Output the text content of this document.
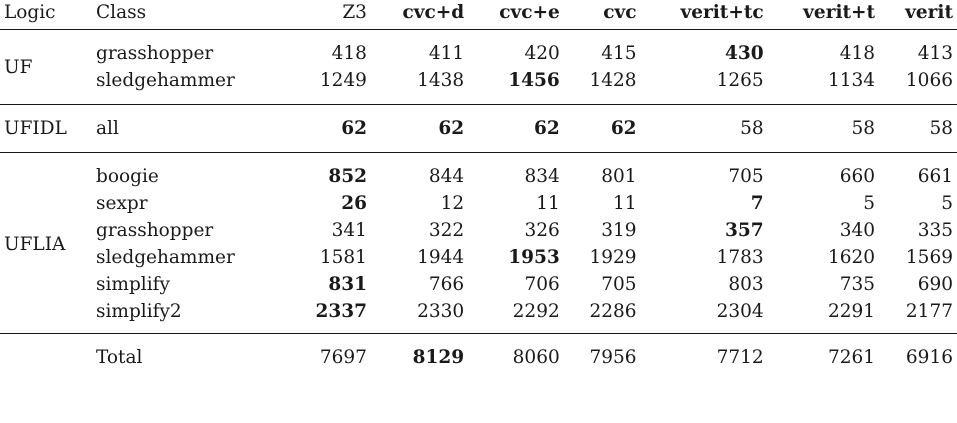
Logic	Class	Z3	cvc+d	cvc+e	cvc	verit+tc	verit+t	verit

UF	grasshopper	418	411	420	415	430	418	413
	sledgehammer	1249	1438	1456	1428	1265	1134	1066

UFIDL	all	62	62	62	62	58	58	58

UFLIA	boogie	852	844	834	801	705	660	661
	sexpr	26	12	11	11	7	5	5
	grasshopper	341	322	326	319	357	340	335
	sledgehammer	1581	1944	1953	1929	1783	1620	1569
	simplify	831	766	706	705	803	735	690
	simplify2	2337	2330	2292	2286	2304	2291	2177

	Total	7697	8129	8060	7956	7712	7261	6916
